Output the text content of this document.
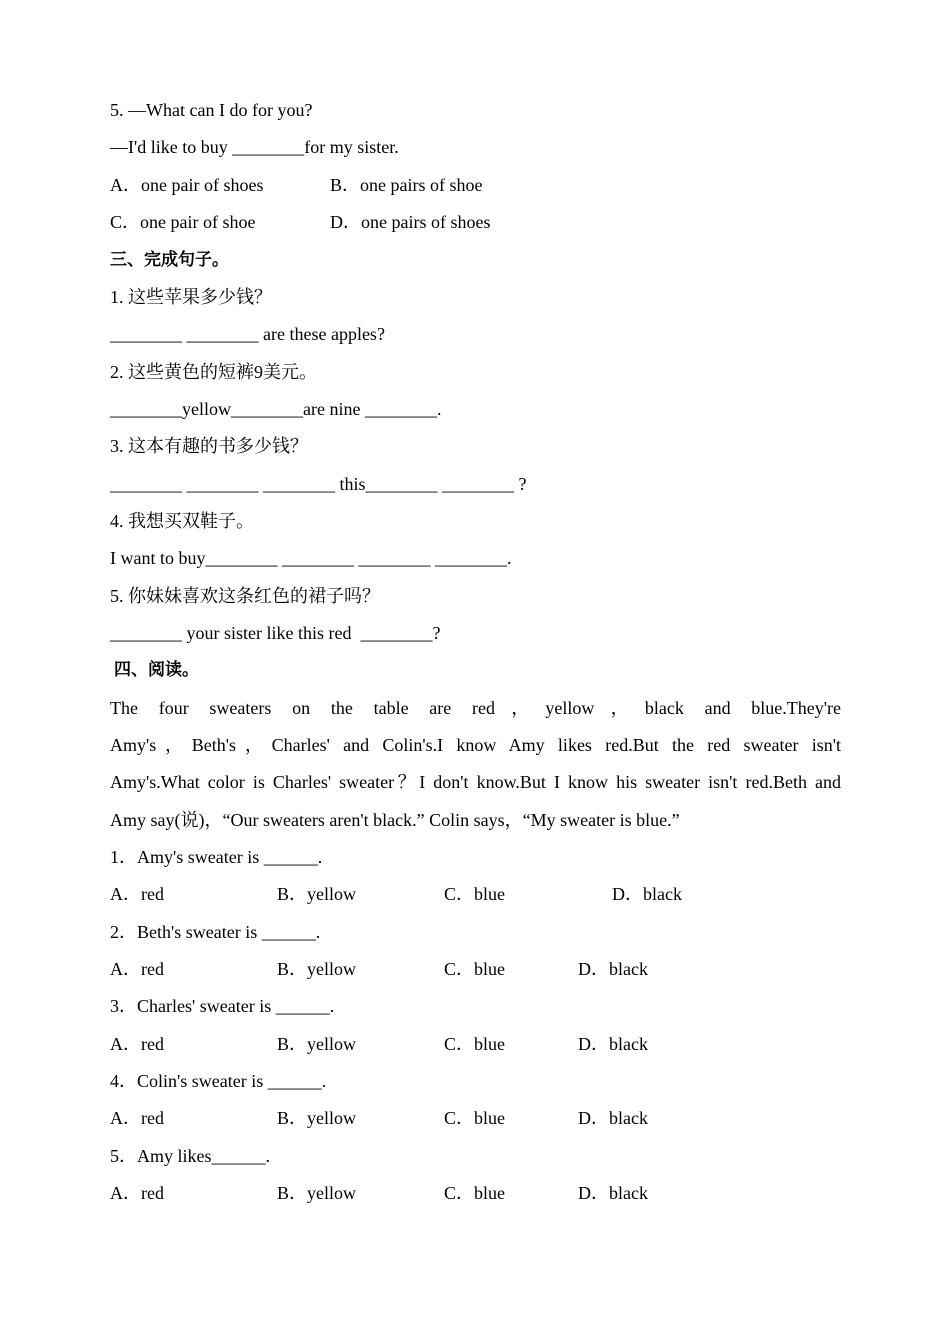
5. —What can I do for you?
—I'd like to buy ________for my sister.
A．one pair of shoes	B．one pairs of shoe
C．one pair of shoe	D．one pairs of shoes
三、完成句子。
1. 这些苹果多少钱？
________ ________ are these apples?
2. 这些黄色的短裤9美元。
________yellow________are nine ________.
3. 这本有趣的书多少钱？
________ ________ ________ this________ ________ ?
4. 我想买双鞋子。
I want to buy________ ________ ________ ________.
5. 你妹妹喜欢这条红色的裙子吗？
________ your sister like this red  ________?
四、阅读。
The four sweaters on the table are red，yellow，black and blue.They're
Amy's，Beth's，Charles' and Colin's.I know Amy likes red.But the red sweater isn't
Amy's.What color is Charles' sweater？I don't know.But I know his sweater isn't red.Beth and
Amy say(说)，“Our sweaters aren't black.” Colin says，“My sweater is blue.”
1．Amy's sweater is ______.
A．red	B．yellow	C．blue	D．black
2．Beth's sweater is ______.
A．red	B．yellow	C．blue	D．black
3．Charles' sweater is ______.
A．red	B．yellow	C．blue	D．black
4．Colin's sweater is ______.
A．red	B．yellow	C．blue	D．black
5．Amy likes______.
A．red	B．yellow	C．blue	D．black
